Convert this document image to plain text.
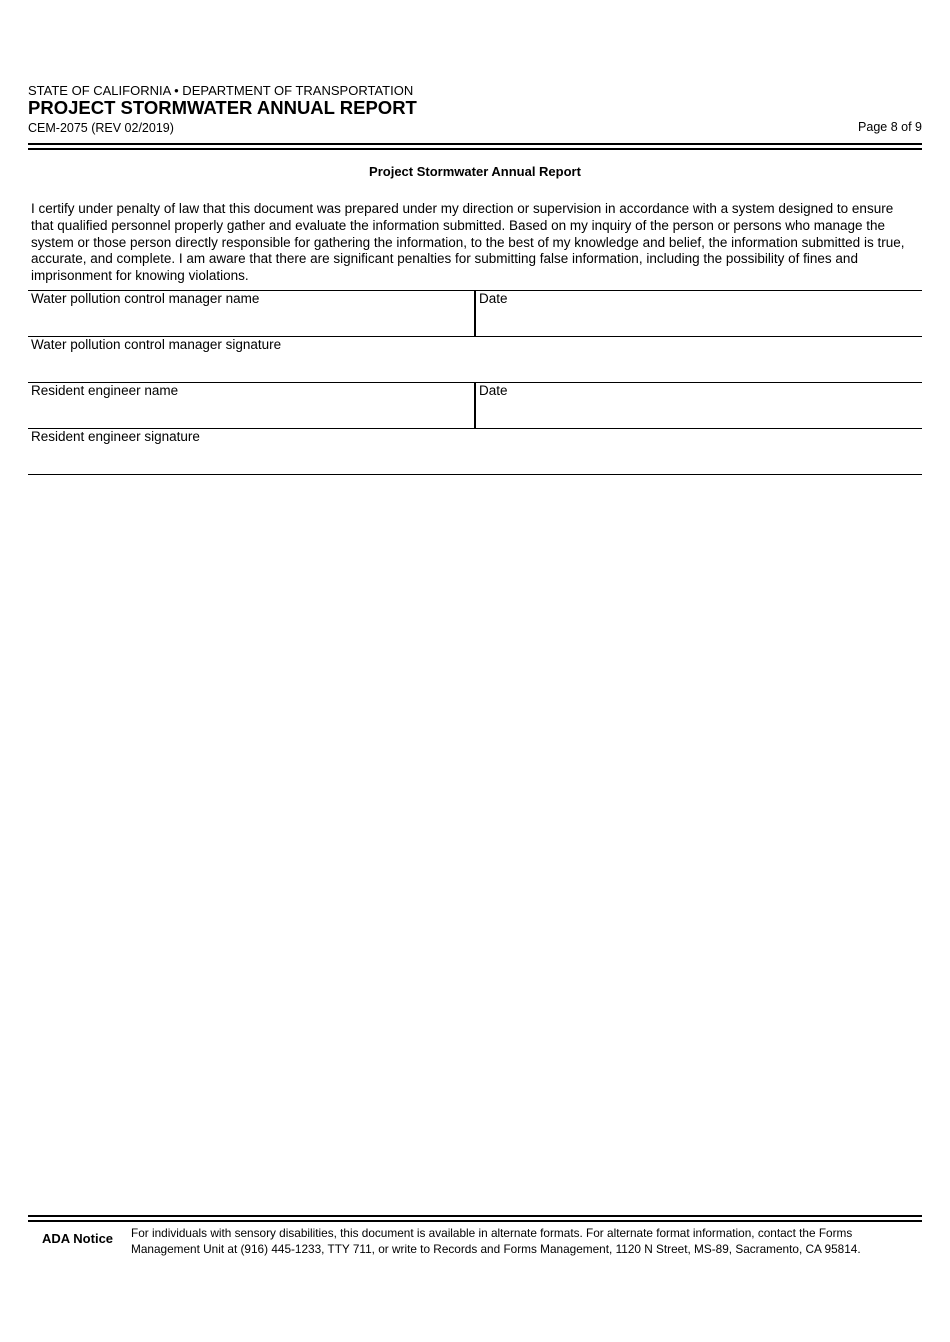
STATE OF CALIFORNIA • DEPARTMENT OF TRANSPORTATION
PROJECT STORMWATER ANNUAL REPORT
CEM-2075 (REV 02/2019)	Page 8 of 9
Project Stormwater Annual Report
I certify under penalty of law that this document was prepared under my direction or supervision in accordance with a system designed to ensure that qualified personnel properly gather and evaluate the information submitted. Based on my inquiry of the person or persons who manage the system or those person directly responsible for gathering the information, to the best of my knowledge and belief, the information submitted is true, accurate, and complete. I am aware that there are significant penalties for submitting false information, including the possibility of fines and imprisonment for knowing violations.
Water pollution control manager name	Date
Water pollution control manager signature
Resident engineer name	Date
Resident engineer signature
ADA Notice For individuals with sensory disabilities, this document is available in alternate formats. For alternate format information, contact the Forms Management Unit at (916) 445-1233, TTY 711, or write to Records and Forms Management, 1120 N Street, MS-89, Sacramento, CA 95814.
